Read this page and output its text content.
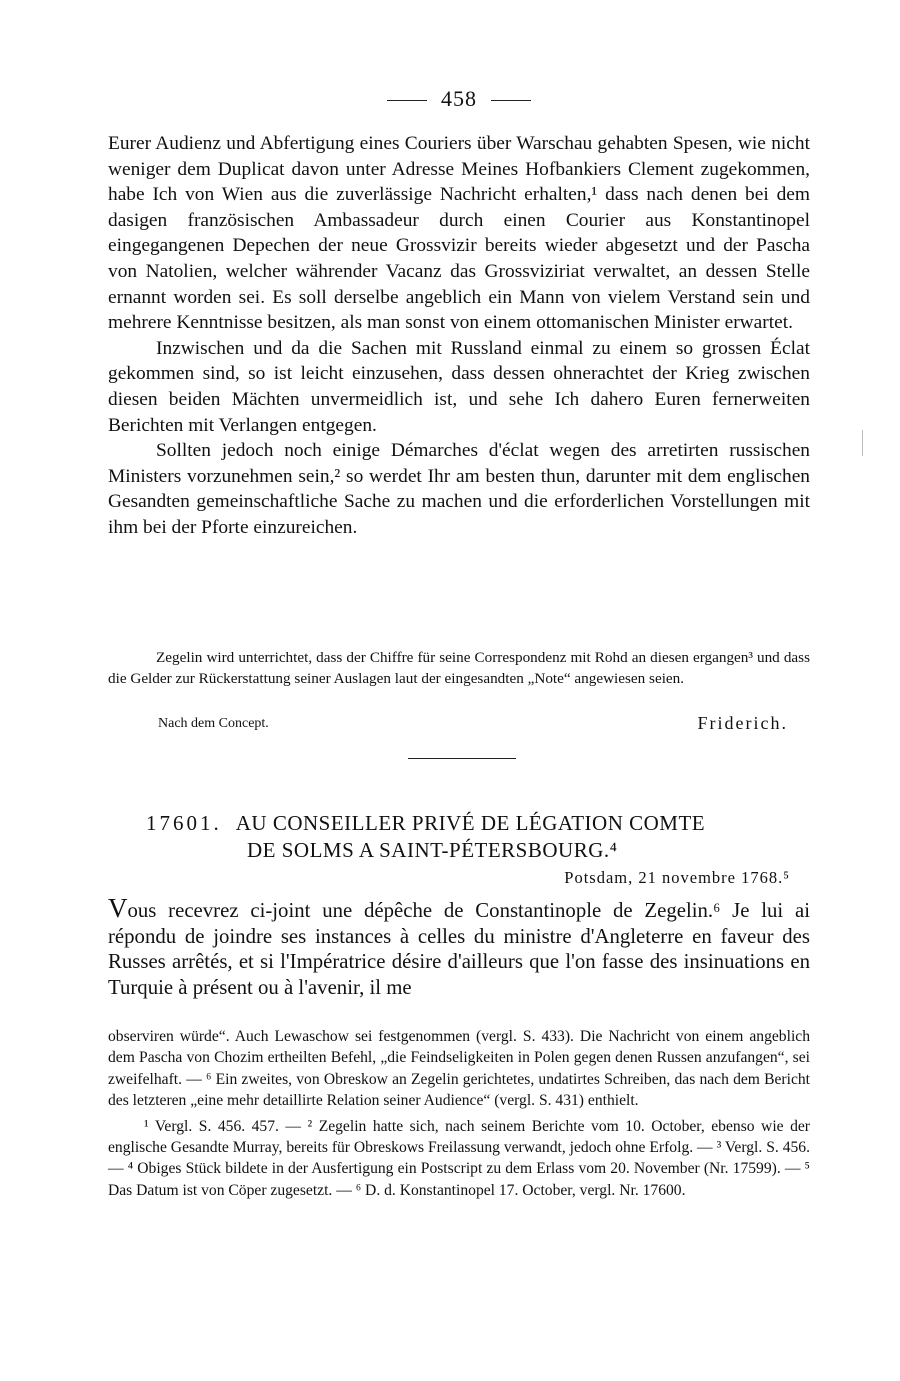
458

Eurer Audienz und Abfertigung eines Couriers über Warschau gehabten Spesen, wie nicht weniger dem Duplicat davon unter Adresse Meines Hofbankiers Clement zugekommen, habe Ich von Wien aus die zuverlässige Nachricht erhalten,¹ dass nach denen bei dem dasigen französischen Ambassadeur durch einen Courier aus Konstantinopel eingegangenen Depechen der neue Grossvizir bereits wieder abgesetzt und der Pascha von Natolien, welcher währender Vacanz das Grossviziriat verwaltet, an dessen Stelle ernannt worden sei. Es soll derselbe angeblich ein Mann von vielem Verstand sein und mehrere Kenntnisse besitzen, als man sonst von einem ottomanischen Minister erwartet.

Inzwischen und da die Sachen mit Russland einmal zu einem so grossen Éclat gekommen sind, so ist leicht einzusehen, dass dessen ohnerachtet der Krieg zwischen diesen beiden Mächten unvermeidlich ist, und sehe Ich dahero Euren fernerweiten Berichten mit Verlangen entgegen.

Sollten jedoch noch einige Démarches d'éclat wegen des arretirten russischen Ministers vorzunehmen sein,² so werdet Ihr am besten thun, darunter mit dem englischen Gesandten gemeinschaftliche Sache zu machen und die erforderlichen Vorstellungen mit ihm bei der Pforte einzureichen.

Zegelin wird unterrichtet, dass der Chiffre für seine Correspondenz mit Rohd an diesen ergangen³ und dass die Gelder zur Rückerstattung seiner Auslagen laut der eingesandten „Note“ angewiesen seien.
Nach dem Concept.	Friderich.
17601. AU CONSEILLER PRIVÉ DE LÉGATION COMTE
DE SOLMS A SAINT-PÉTERSBOURG.⁴
Potsdam, 21 novembre 1768.⁵
Vous recevrez ci-joint une dépêche de Constantinople de Zegelin.⁶ Je lui ai répondu de joindre ses instances à celles du ministre d'Angleterre en faveur des Russes arrêtés, et si l'Impératrice désire d'ailleurs que l'on fasse des insinuations en Turquie à présent ou à l'avenir, il me

observiren würde“. Auch Lewaschow sei festgenommen (vergl. S. 433). Die Nachricht von einem angeblich dem Pascha von Chozim ertheilten Befehl, „die Feindseligkeiten in Polen gegen denen Russen anzufangen“, sei zweifelhaft. — ⁶ Ein zweites, von Obreskow an Zegelin gerichtetes, undatirtes Schreiben, das nach dem Bericht des letzteren „eine mehr detaillirte Relation seiner Audience“ (vergl. S. 431) enthielt.

¹ Vergl. S. 456. 457. — ² Zegelin hatte sich, nach seinem Berichte vom 10. October, ebenso wie der englische Gesandte Murray, bereits für Obreskows Freilassung verwandt, jedoch ohne Erfolg. — ³ Vergl. S. 456. — ⁴ Obiges Stück bildete in der Ausfertigung ein Postscript zu dem Erlass vom 20. November (Nr. 17599). — ⁵ Das Datum ist von Cöper zugesetzt. — ⁶ D. d. Konstantinopel 17. October, vergl. Nr. 17600.
